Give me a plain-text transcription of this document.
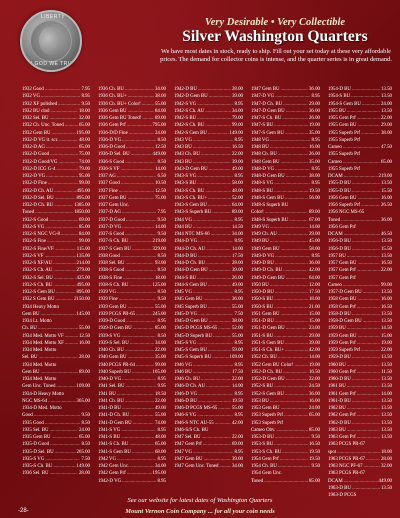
LIBERTY
IN GOD WE TRUST
Very Desirable • Very Collectible
Silver Washington Quarters
We have most dates in stock, ready to ship. Fill out your set today at these very affordable prices. The demand for collector coins is intense, and the quarter series is in great demand.
1932 Good .....	7.95
1932 VG .....	8.95
1932 XF polished .....	9.50
1932 BU clnd .....	18.00
1932 Sel. BU .....	32.00
1932 Ch. Unc. Toned .....	65.00
1932 Gem BU .....	195.00
1932-D VG it. scr. .....	48.00
1932-D AG .....	65.00
1932-D Good .....	75.00
1932-D Good/VG .....	74.00
1932-D ICG G-4 .....	79.00
1932-D VG .....	95.00
1932-D Fine .....	99.00
1932-D Ch. AU .....	495.00
1932-D Sel. BU .....	895.00
1932-D Ch. BU .....	1385.00
Toned .....	1850.00
1932-S Good .....	69.00
1932-S VG .....	85.00
1932-S NGC VG-8 .....	84.00
1932-S Fine .....	99.00
1932-S Fine/VF .....	115.00
1932-S VF .....	135.00
1932-S XF/AU .....	214.00
1932-S Ch. AU .....	279.00
1932-S Sel. BU .....	425.00
1932-S Ch. BU .....	495.00
1932-S Gem BU .....	895.00
1932 S Gem BU .....	2150.00
1934 Heavy Motto
Gem BU .....	145.00
1934 Lt. Motto
Ch. BU .....	55.00
1934 Med. Motto VF .....	12.50
1934 Med. Motto XF .....	16.00
1934 Med. Motto
Sel. BU .....	28.00
1934 Med. Motto
Gem BU .....	89.00
1934 Med. Motto
Gem Unc. Toned .....	109.00
1934-D Heavy Motto
NGC MS-64 .....	365.00
1934-D Med. Motto
Good .....	9.50
1935 Good .....	8.50
1935 Sel. BU .....	24.00
1935 Gem BU .....	65.00
1935-D Good .....	8.50
1935-D Sel. BU .....	265.00
1935-S VG .....	7.50
1935-S Ch. BU .....	149.00
1936 Sel. BU .....	28.00
1936 Ch. BU .....	34.00
1936 Ch. BU+ .....	38.00
1936 Ch. BU+ Color! .....	55.00
1936 Gem BU .....	84.00
1936 Gem BU Toned! .....	89.00
1936 Gem Prf .....	795.00
1936-D/D Fine .....	24.00
1936-D VG .....	8.50
1936-D Good .....	12.50
1936-D Sel. BU .....	449.00
1936-S Good .....	8.50
1936-S VF .....	14.00
1937 AG .....	6.50
1937 Good .....	10.50
1937 Fine .....	12.50
1937 Gem BU .....	75.00
1937 Gem Unc.
1937-D AG .....	7.95
1937-D Good .....	9.50
1937-D VG .....	14.00
1937-S Good .....	9.50
1937-S Ch. BU .....	219.00
1937-S Gem BU .....	329.00
1938 Good .....	8.50
1938 Sel. BU .....	93.00
1938-S Good .....	8.50
1938-S Fine .....	18.00
1938-S Ch. BU .....	125.00
1939 VG .....	8.50
1939 Fine .....	9.50
1939 Gem BU .....	55.00
1939 PCGS PR-65 .....	245.00
1939-D Good .....	8.95
1939-D Gem BU .....	85.00
1939-S VG .....	8.50
1939-S Sel. BU .....	34.00
1940 Ch. BU .....	22.00
1940 Gem BU .....	35.00
1940 PCGS PR-64 .....	99.00
1940 Superb BU .....	165.00
1940-D VG .....	8.95
1941 Sel. BU .....	9.95
1941 BU .....	18.50
1941 Ch. BU .....	22.00
1941-D BU .....	49.00
1941-D Ch. BU .....	55.00
1941-D Gem BU .....	74.00
1941-S VG .....	8.95
1941-S BU .....	48.00
1941-S Ch. BU .....	65.00
1941-S Gem BU .....	68.00
1942 VG .....	8.95
1942 Gem Unc. .....	34.00
1942 Gem Prf .....	195.00
1942-D VG .....	8.95
1942-D BU .....	28.00
1942-D Gem BU .....	39.00
1942-S VG .....	8.95
1942-S Ch. AU .....	34.00
1942-S BU .....	79.00
1942-S Ch. BU .....	99.00
1942-S Gem BU .....	149.00
1943 VG .....	8.95
1943 BU .....	16.50
1943 Ch. BU .....	22.00
1943 BU .....	39.00
1943-D Gem BU .....	49.00
1943-S VG .....	8.95
1943-S BU .....	58.00
1943-S Ch. BU .....	48.00
1943-S Ch. BU+ .....	52.00
1943-S Gem BU .....	64.00
1943-S Superb BU .....	89.00
1944 VG .....	8.95
1944 BU .....	14.50
1944 NTC MS-66 .....	34.00
1944-D VG .....	8.95
1944-D Ch. AU .....	14.00
1944-D BU .....	17.50
1944-D Ch. BU .....	28.00
1944-D Gem BU .....	39.00
1944-S BU .....	26.00
1944-S Gem BU .....	49.00
1945 VG .....	8.95
1945 Gem BU .....	36.00
1945 Superb BU .....	55.00
1945-D VG .....	7.50
1945-D Gem BU .....	38.00
1945-D PCGS MS-65 .....	52.00
1945-D Superb BU .....	55.00
1945-S VG .....	8.95
1945-S Gem BU .....	59.00
1945-S Superb BU .....	109.00
1946 VG .....	8.95
1946 BU .....	17.50
1946 Ch. BU .....	22.00
1946-D Ch. AU .....	14.00
1946-D VG .....	8.95
1946-D BU .....	19.50
1946-D PCGS MS-65 .....	55.00
1946-S VG .....	8.95
1946-S NTC AU-55 .....	42.00
1946-S/S Ch. BU
1947 Sel. BU .....	22.00
1947 Gem Prf .....	69.00
1947 VG .....	8.95
1947 Gem BU .....	39.00
1947 Gem Unc. Toned .....	34.00
1947 Gem BU .....	36.00
1947-D VG .....	8.95
1947-D Ch. BU .....	29.00
1947-D Gem BU .....	36.00
1947-S Ch. BU .....	26.00
1947-S BU .....	19.00
1947-S Gem BU .....	35.00
1948 VG .....	8.95
1948 BU .....	16.00
1948 Ch. BU .....	26.00
1948 Gem BU .....	35.00
1948-D VG .....	8.95
1948-D Gem BU .....	38.00
1948-S VG .....	8.95
1948-S BU .....	19.50
1948-S Gem BU .....	56.00
1948-S Superb BU
Color! .....	89.00
1948-S Superb BU .....	67.00
1949 VG .....	14.00
1949 Ch. AU .....	29.00
1949 BU .....	45.00
1949 Gem BU .....	58.00
1949-D VG .....	8.95
1949-D BU .....	36.00
1949-D Ch. BU .....	42.00
1949-D Gem BU .....	64.00
1950 BU .....	12.00
1950-D BU .....	17.50
1950-S BU .....	18.00
1950-S BU .....	21.00
1951 Gem BU .....	15.00
1951-D BU .....	15.00
1951-D Gem BU .....	23.00
1951-S BU .....	29.00
1951-S Gem BU .....	39.00
1951-S Ch. BU+ .....	42.00
1952 Ch. BU .....	14.00
1952 Gem BU Color! .....	19.00
1952-D Ch. BU .....	16.50
1952-D Gem BU .....	22.00
1952-S BU .....	24.50
1952-S Gem BU .....	36.00
1953 BU .....	16.00
1953 Gem BU .....	24.00
1953 Superb Prf .....	65.00
1953 Superb Prf
Cameo Obv. .....	85.00
1953-D BU .....	9.50
1953-S BU .....	16.50
1953-S Ch. BU .....	19.50
1954 Gem Prf .....	19.50
1954 Ch. BU .....	9.50
1954 Gem Unc.
Toned .....	85.00
1954-D BU .....	13.50
1954-S BU .....	13.50
1954-S Gem BU .....	24.00
1955 BU .....	13.50
1955 Gem Prf .....	22.00
1955 Gem BU .....	29.00
1955 Superb Prf .....	38.00
1955 Superb Prf
Cameo .....	47.50
1955 Superb Prf
Cameo .....	65.00
1955 Superb Prf
DCAM .....	219.00
1955-D BU .....	13.50
1955-D BU .....	15.50
1956 Gem BU .....	16.00
1956 Superb Prf .....	26.50
1956 NGC MS-65
Toned .....	36.00
1956 Gem Prf
DCAM .....	46.50
1956-D BU .....	13.50
1956-D BU .....	15.50
1957 BU .....	13.50
1957 Gem BU .....	16.50
1957 Gem Prf .....	22.00
1957 Gem Prf
Cameo .....	99.00
1957-D Gem BU .....	13.50
1958 Gem BU .....	16.00
1958 Gem Prf .....	16.50
1958-D BU .....	13.50
1958-D Gem BU .....	13.50
1959 BU .....	14.50
1959 Gem BU .....	15.00
1959 Gem Prf .....	19.00
1959 Superb Prf .....	22.00
1959-D BU .....	13.50
1960 BU .....	13.50
1960 Gem Prf .....	11.50
1960-D BU .....	13.50
1961 BU .....	13.50
1961 Gem Prf .....	14.00
1961-D BU .....	13.50
1962 BU .....	13.50
1962 Gem Prf .....	13.50
1962-D BU .....	13.50
1963 BU .....	13.50
1963 Gem Prf .....	13.50
1963 PCGS PR-67
spot .....	18.00
1963 PCGS PR-67 .....	28.00
1963 NGC PF-67 .....	32.00
1963 PCGS PR-67
DCAM .....	449.00
1963-D BU .....	13.50
1963-D PCGS
See our website for latest dates of Washington Quarters
-28-	Mount Vernon Coin Company ... for all your coin needs
